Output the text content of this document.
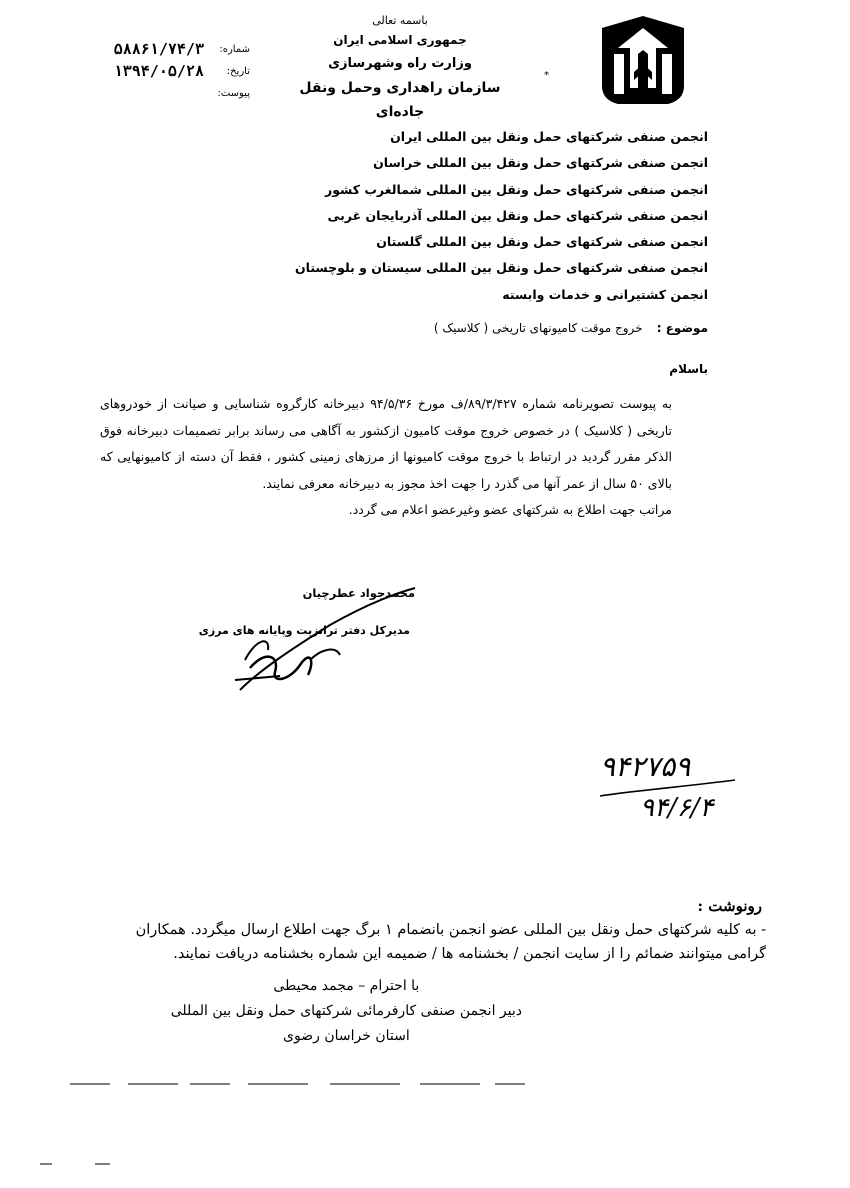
باسمه تعالی
جمهوری اسلامی ایران
وزارت راه وشهرسازی
سازمان راهداری وحمل ونقل جاده‌ای
*
شماره:
۵۸۸۶۱/۷۴/۳
تاریخ:
۱۳۹۴/۰۵/۲۸
پیوست:
انجمن صنفی شرکتهای حمل ونقل بین المللی ایران
انجمن صنفی شرکتهای حمل ونقل بین المللی خراسان
انجمن صنفی شرکتهای حمل ونقل بین المللی شمالغرب کشور
انجمن صنفی شرکتهای حمل ونقل بین المللی آذربایجان غربی
انجمن صنفی شرکتهای حمل ونقل بین المللی گلستان
انجمن صنفی شرکتهای حمل ونقل بین المللی سیستان و بلوچستان
انجمن کشتیرانی و خدمات وابسته
موضوع : خروج موقت کامیونهای تاریخی ( کلاسیک )
باسلام

به پیوست تصویرنامه شماره ۸۹/۳/۴۲۷/ف مورخ ۹۴/۵/۳۶ دبیرخانه کارگروه شناسایی و صیانت از خودروهای تاریخی ( کلاسیک ) در خصوص خروج موقت کامیون ازکشور به آگاهی می رساند برابر تصمیمات دبیرخانه فوق الذکر مقرر گردید در ارتباط با خروج موقت کامیونها از مرزهای زمینی کشور ، فقط آن دسته از کامیونهایی که بالای ۵۰ سال از عمر آنها می گذرد را جهت اخذ مجوز به دبیرخانه معرفی نمایند.

مراتب جهت اطلاع به شرکتهای عضو وغیرعضو اعلام می گردد.

محمدجواد عطرچیان
مدیرکل دفتر ترانزیت وپایانه های مرزی
۹۴۲۷۵۹
۹۴/۶/۴
رونوشت :

- به کلیه شرکتهای حمل ونقل بین المللی عضو انجمن بانضمام ۱ برگ جهت اطلاع ارسال میگردد. همکاران

گرامی میتوانند ضمائم را از سایت انجمن / بخشنامه ها / ضمیمه این شماره بخشنامه دریافت نمایند.

با احترام – مجمد محیطی
دبیر انجمن صنفی کارفرمائی شرکتهای حمل ونقل بین المللی
استان خراسان رضوی
